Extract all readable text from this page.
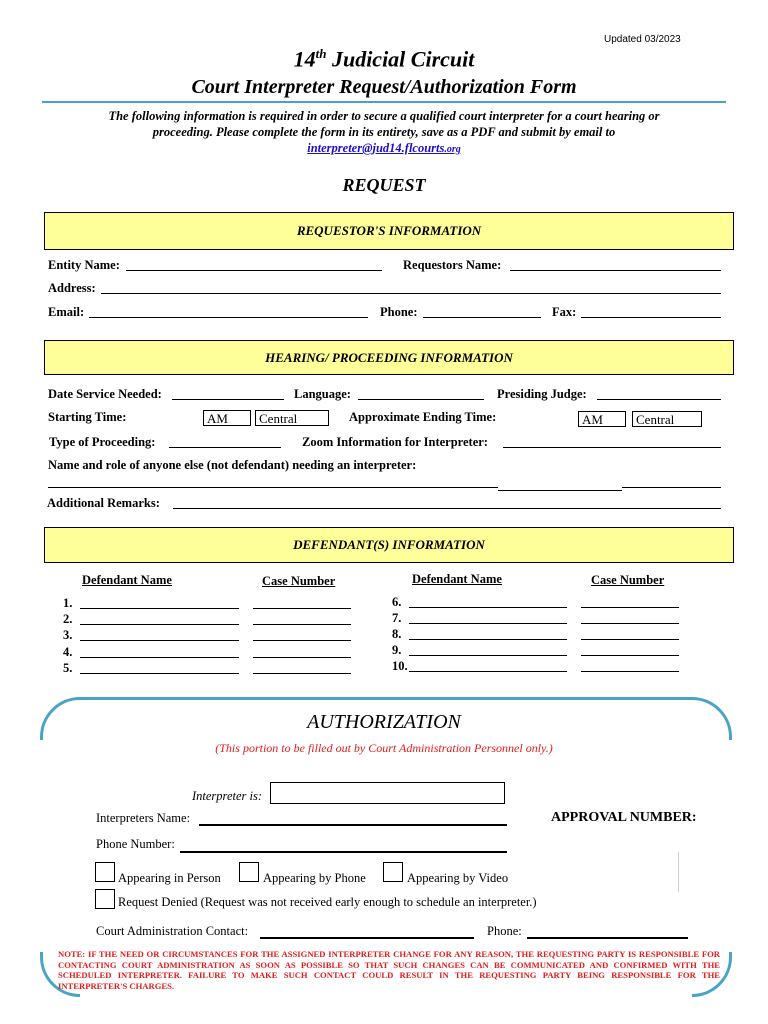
Updated 03/2023
14th Judicial Circuit
Court Interpreter Request/Authorization Form
The following information is required in order to secure a qualified court interpreter for a court hearing or
proceeding. Please complete the form in its entirety, save as a PDF and submit by email to
interpreter@jud14.flcourts.org
REQUEST
REQUESTOR'S INFORMATION
Entity Name:	Requestors Name:
Address:
Email:	Phone:	Fax:
HEARING/ PROCEEDING INFORMATION
Date Service Needed:	Language:	Presiding Judge:
Starting Time:	AM	Central	Approximate Ending Time:	AM	Central
Type of Proceeding:	Zoom Information for Interpreter:
Name and role of anyone else (not defendant) needing an interpreter:
Additional Remarks:
DEFENDANT(S) INFORMATION
Defendant Name	Case Number	Defendant Name	Case Number
1.
2.
3.
4.
5.
6.
7.
8.
9.
10.
AUTHORIZATION
(This portion to be filled out by Court Administration Personnel only.)
Interpreter is:
Interpreters Name:	APPROVAL NUMBER:
Phone Number:
Appearing in Person	Appearing by Phone	Appearing by Video
Request Denied (Request was not received early enough to schedule an interpreter.)
Court Administration Contact:	Phone:
NOTE: IF THE NEED OR CIRCUMSTANCES FOR THE ASSIGNED INTERPRETER CHANGE FOR ANY REASON, THE REQUESTING PARTY IS RESPONSIBLE FOR CONTACTING COURT ADMINISTRATION AS SOON AS POSSIBLE SO THAT SUCH CHANGES CAN BE COMMUNICATED AND CONFIRMED WITH THE SCHEDULED INTERPRETER. FAILURE TO MAKE SUCH CONTACT COULD RESULT IN THE REQUESTING PARTY BEING RESPONSIBLE FOR THE INTERPRETER'S CHARGES.
